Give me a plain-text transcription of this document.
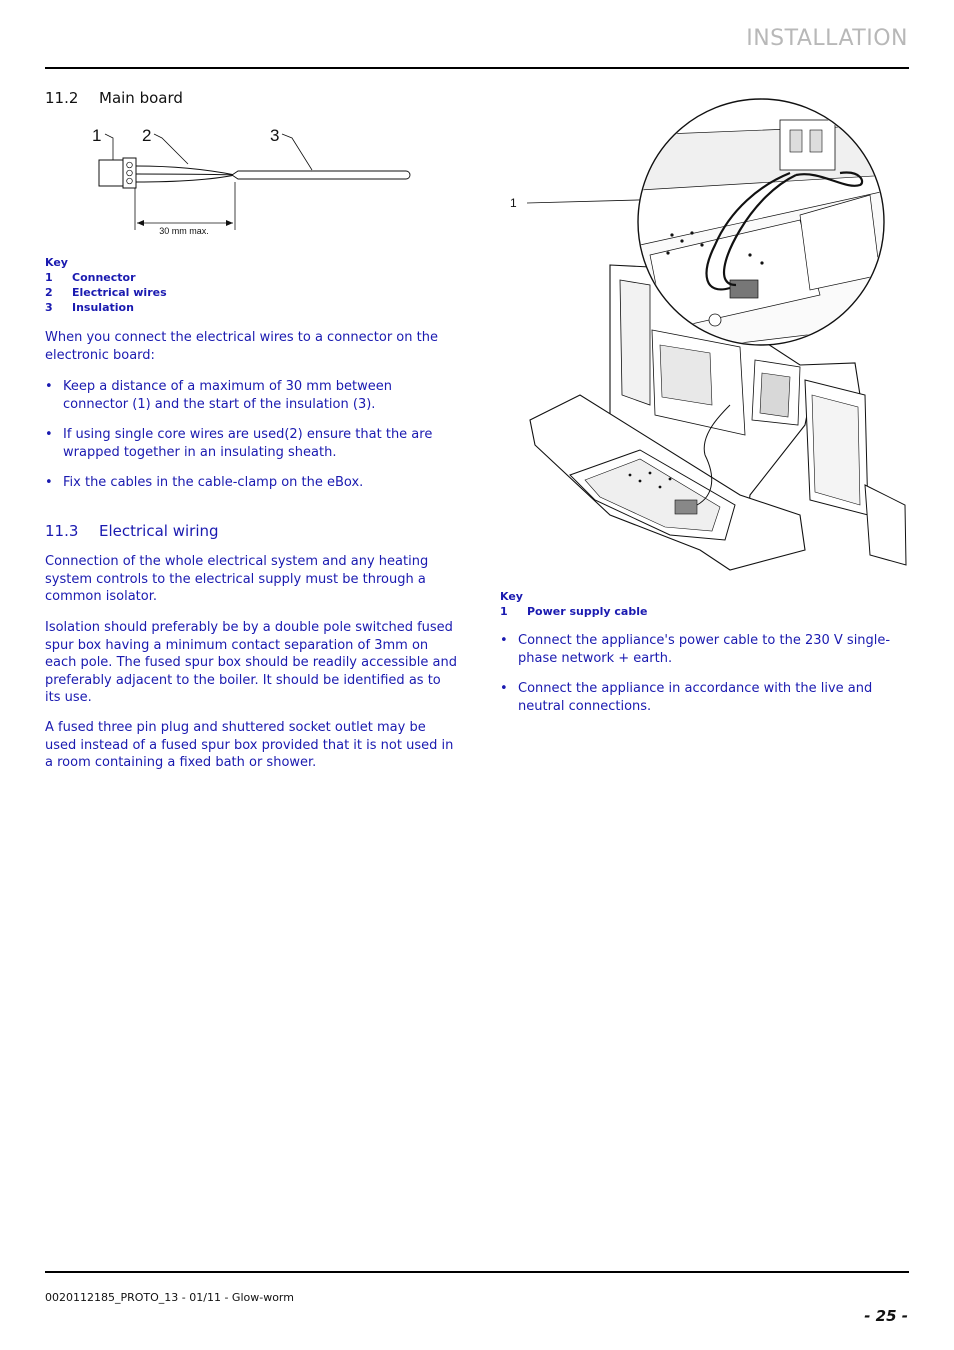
INSTALLATION
11.2 Main board
1 2	3
30 mm max.
Key
1	Connector
2	Electrical wires
3	Insulation
When you connect the electrical wires to a connector on the electronic board:
• Keep a distance of a maximum of 30 mm between connector (1) and the start of the insulation (3).
• If using single core wires are used(2) ensure that the are wrapped together in an insulating sheath.
• Fix the cables in the cable-clamp on the eBox.
11.3 Electrical wiring
Connection of the whole electrical system and any heating system controls to the electrical supply must be through a common isolator.
Isolation should preferably be by a double pole switched fused spur box having a minimum contact separation of 3mm on each pole. The fused spur box should be readily accessible and preferably adjacent to the boiler. It should be identified as to its use.
A fused three pin plug and shuttered socket outlet may be used instead of a fused spur box provided that it is not used in a room containing a fixed bath or shower.
1
Key
1	Power supply cable
• Connect the appliance's power cable to the 230 V single-phase network + earth.
• Connect the appliance in accordance with the live and neutral connections.
0020112185_PROTO_13 - 01/11 - Glow-worm
- 25 -
